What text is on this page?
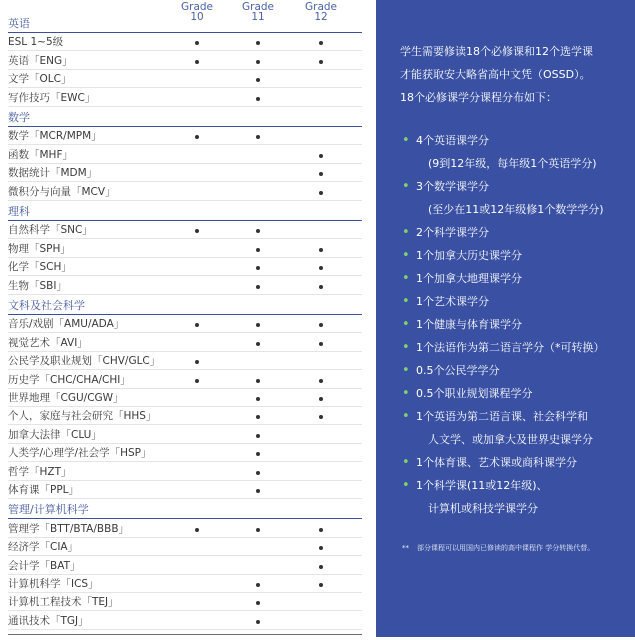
Grade
10
Grade
11
Grade
12
英语
ESL 1~5级
英语「ENG」
文学「OLC」
写作技巧「EWC」
数学
数学「MCR/MPM」
函数「MHF」
数据统计「MDM」
微积分与向量「MCV」
理科
自然科学「SNC」
物理「SPH」
化学「SCH」
生物「SBI」
文科及社会科学
音乐/戏剧「AMU/ADA」
视觉艺术「AVI」
公民学及职业规划「CHV/GLC」
历史学「CHC/CHA/CHI」
世界地理「CGU/CGW」
个人，家庭与社会研究「HHS」
加拿大法律「CLU」
人类学/心理学/社会学「HSP」
哲学「HZT」
体育课「PPL」
管理/计算机科学
管理学「BTT/BTA/BBB」
经济学「CIA」
会计学「BAT」
计算机科学「ICS」
计算机工程技术「TEJ」
通讯技术「TGJ」
学生需要修读18个必修课和12个选学课
才能获取安大略省高中文凭（OSSD）。
18个必修课学分课程分布如下：
• 4个英语课学分
(9到12年级，每年级1个英语学分)
• 3个数学课学分
(至少在11或12年级修1个数学学分)
• 2个科学课学分
• 1个加拿大历史课学分
• 1个加拿大地理课学分
• 1个艺术课学分
• 1个健康与体育课学分
• 1个法语作为第二语言学分（*可转换）
• 0.5个公民学学分
• 0.5个职业规划课程学分
• 1个英语为第二语言课、社会科学和
人文学、或加拿大及世界史课学分
• 1个体育课、艺术课或商科课学分
• 1个科学课(11或12年级)、
计算机或科技学课学分
** 部分课程可以用国内已修读的高中课程作 学分转换代替。
